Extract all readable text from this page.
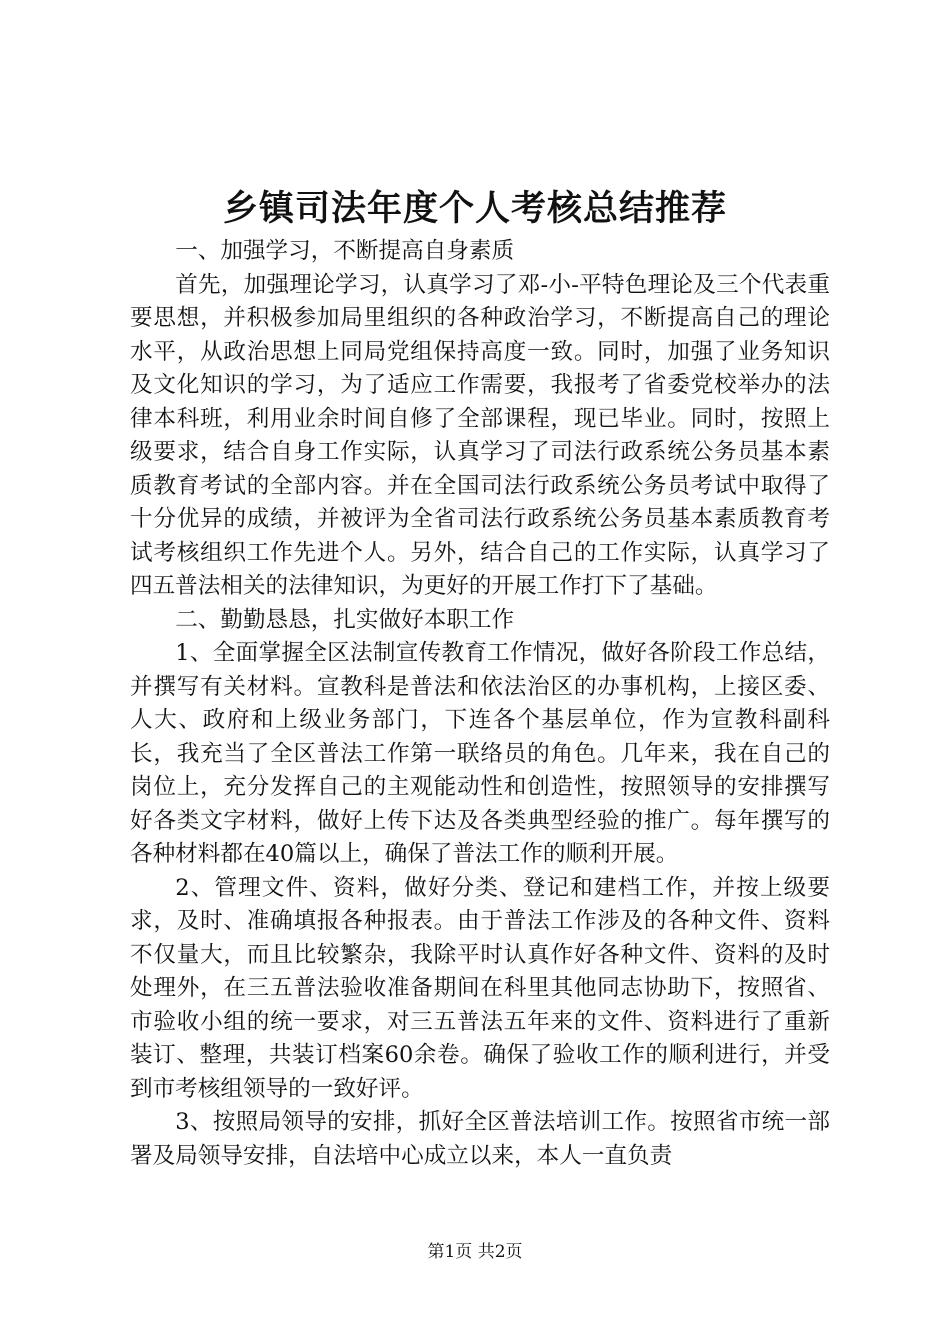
乡镇司法年度个人考核总结推荐

一、加强学习，不断提高自身素质

首先，加强理论学习，认真学习了邓-小-平特色理论及三个代表重要思想，并积极参加局里组织的各种政治学习，不断提高自己的理论水平，从政治思想上同局党组保持高度一致。同时，加强了业务知识及文化知识的学习，为了适应工作需要，我报考了省委党校举办的法律本科班，利用业余时间自修了全部课程，现已毕业。同时，按照上级要求，结合自身工作实际，认真学习了司法行政系统公务员基本素质教育考试的全部内容。并在全国司法行政系统公务员考试中取得了十分优异的成绩，并被评为全省司法行政系统公务员基本素质教育考试考核组织工作先进个人。另外，结合自己的工作实际，认真学习了四五普法相关的法律知识，为更好的开展工作打下了基础。

二、勤勤恳恳，扎实做好本职工作

1、全面掌握全区法制宣传教育工作情况，做好各阶段工作总结，并撰写有关材料。宣教科是普法和依法治区的办事机构，上接区委、人大、政府和上级业务部门，下连各个基层单位，作为宣教科副科长，我充当了全区普法工作第一联络员的角色。几年来，我在自己的岗位上，充分发挥自己的主观能动性和创造性，按照领导的安排撰写好各类文字材料，做好上传下达及各类典型经验的推广。每年撰写的各种材料都在40篇以上，确保了普法工作的顺利开展。

2、管理文件、资料，做好分类、登记和建档工作，并按上级要求，及时、准确填报各种报表。由于普法工作涉及的各种文件、资料不仅量大，而且比较繁杂，我除平时认真作好各种文件、资料的及时处理外，在三五普法验收准备期间在科里其他同志协助下，按照省、市验收小组的统一要求，对三五普法五年来的文件、资料进行了重新装订、整理，共装订档案60余卷。确保了验收工作的顺利进行，并受到市考核组领导的一致好评。

3、按照局领导的安排，抓好全区普法培训工作。按照省市统一部署及局领导安排，自法培中心成立以来，本人一直负责

第1页 共2页
